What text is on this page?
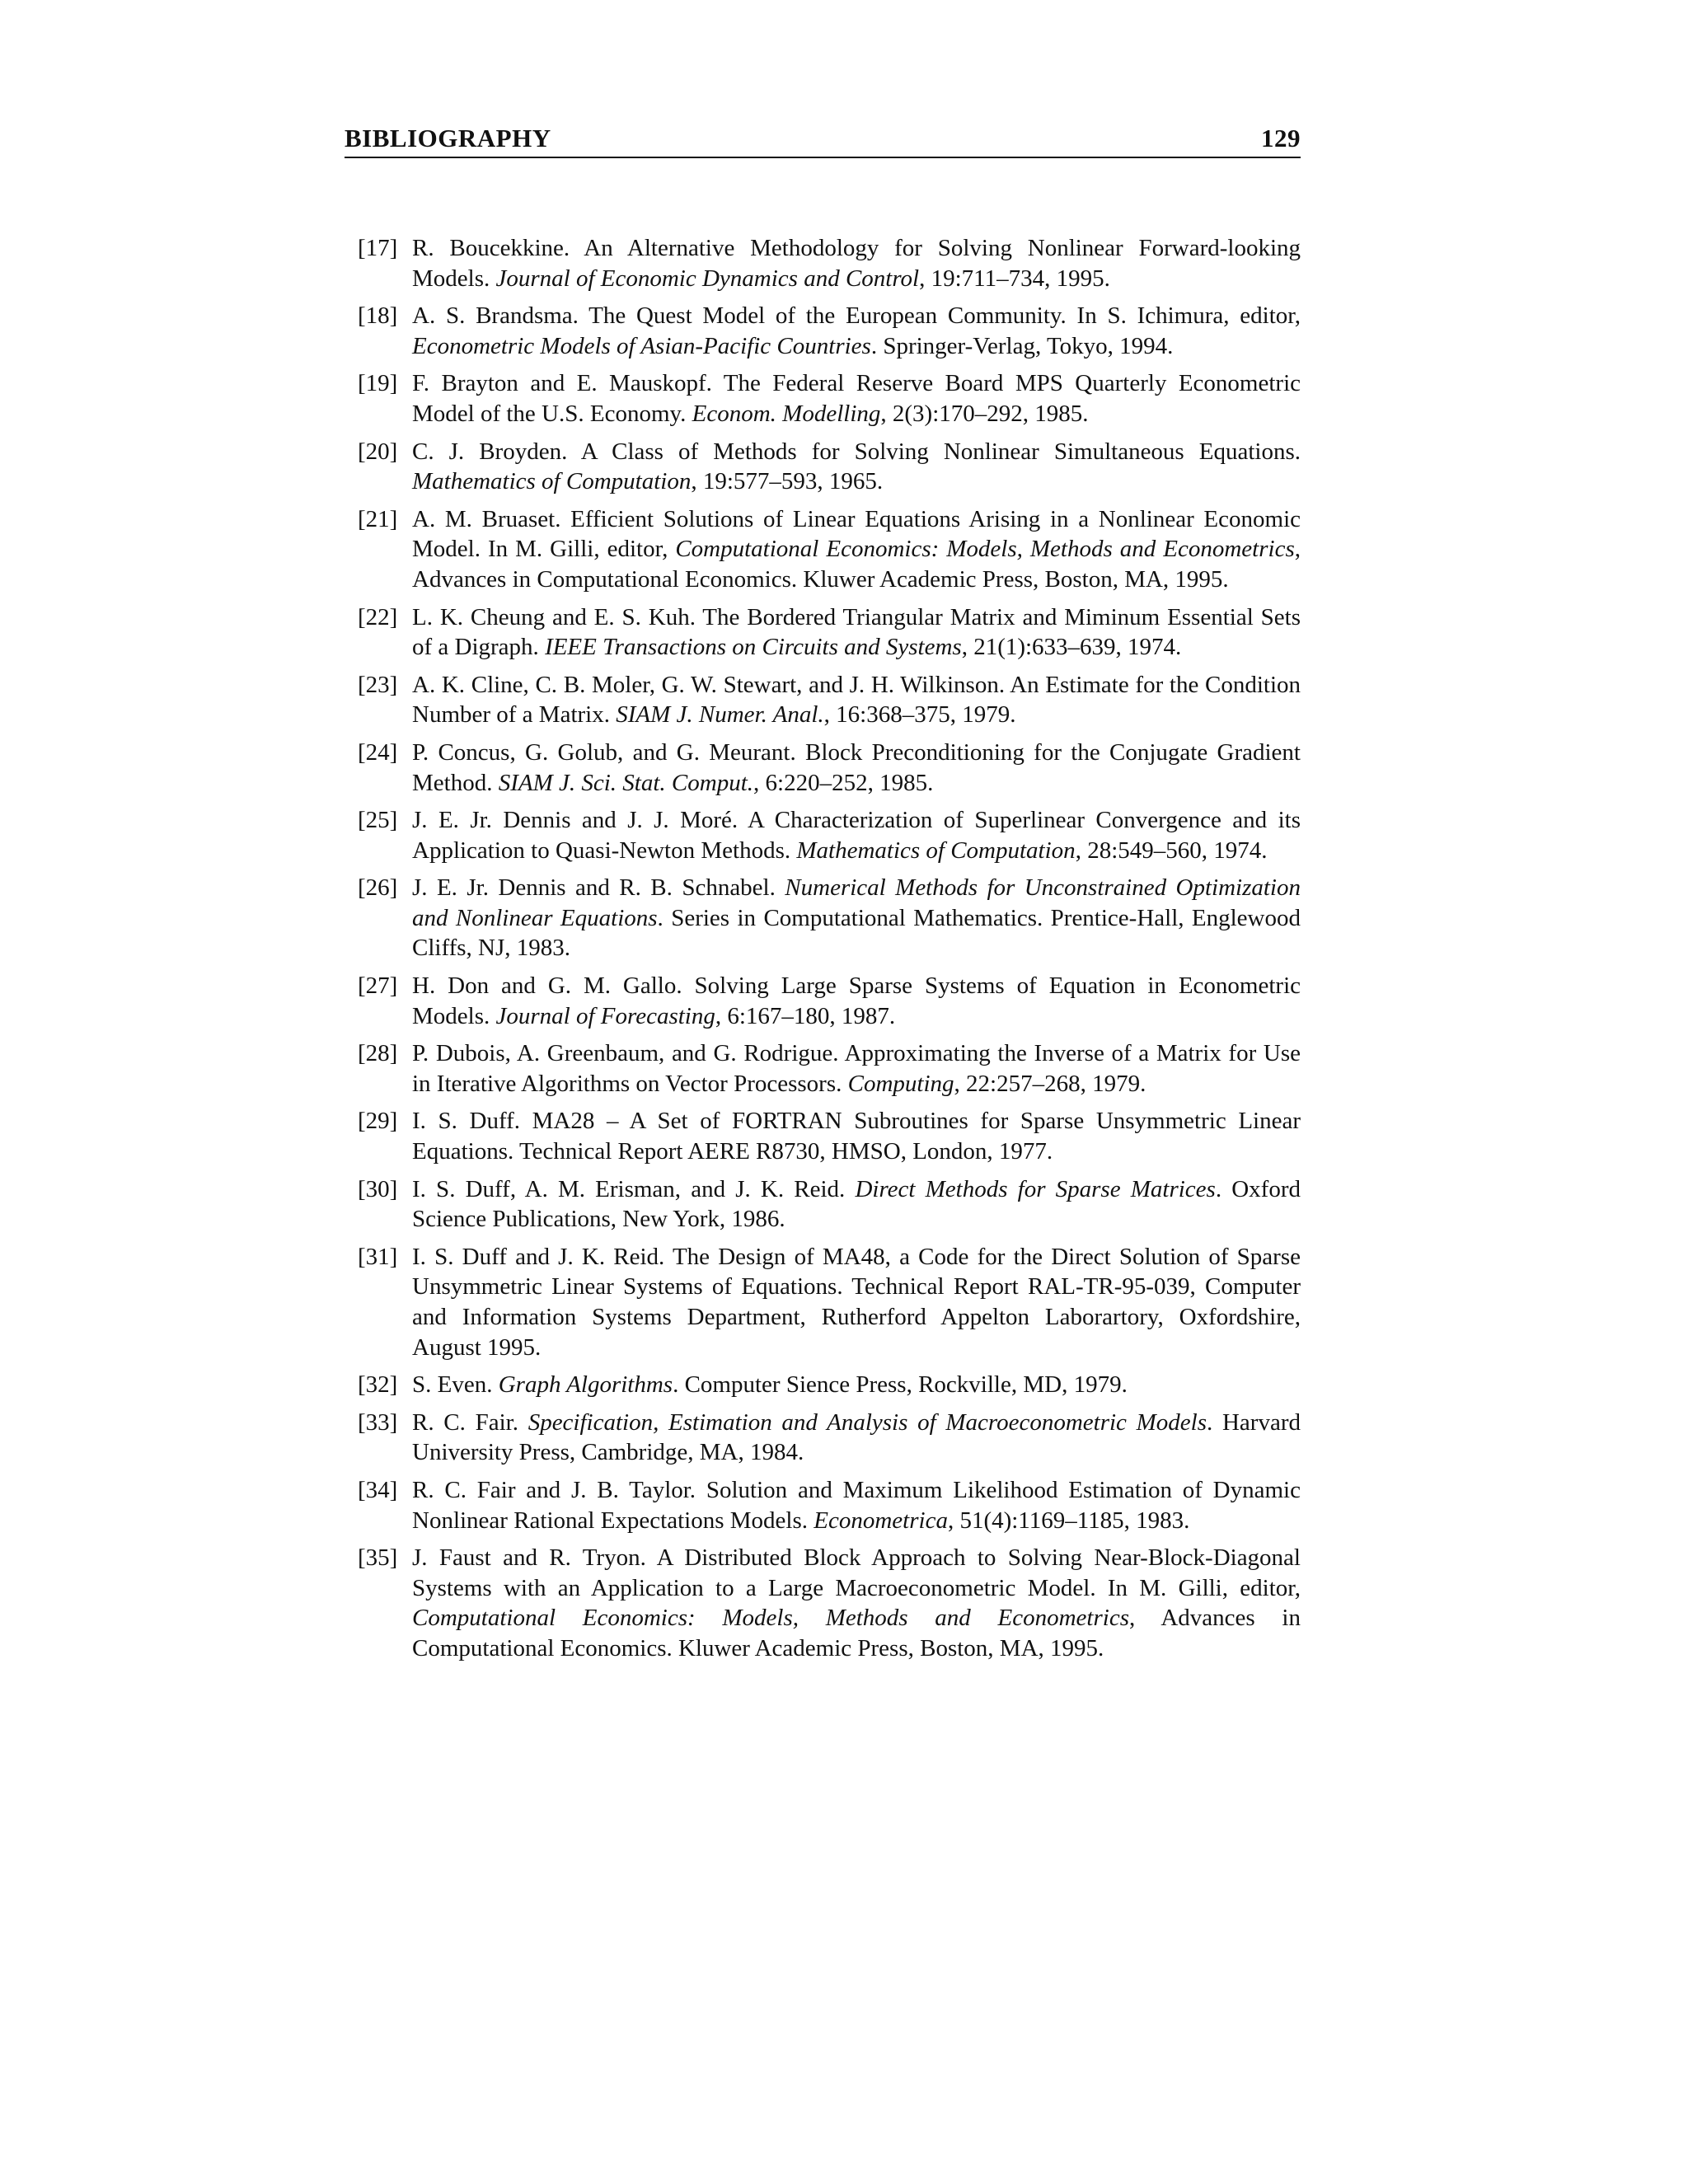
BIBLIOGRAPHY	129
[17] R. Boucekkine. An Alternative Methodology for Solving Nonlinear Forward-looking Models. Journal of Economic Dynamics and Control, 19:711–734, 1995.
[18] A. S. Brandsma. The Quest Model of the European Community. In S. Ichimura, editor, Econometric Models of Asian-Pacific Countries. Springer-Verlag, Tokyo, 1994.
[19] F. Brayton and E. Mauskopf. The Federal Reserve Board MPS Quarterly Econometric Model of the U.S. Economy. Econom. Modelling, 2(3):170–292, 1985.
[20] C. J. Broyden. A Class of Methods for Solving Nonlinear Simultaneous Equations. Mathematics of Computation, 19:577–593, 1965.
[21] A. M. Bruaset. Efficient Solutions of Linear Equations Arising in a Nonlinear Economic Model. In M. Gilli, editor, Computational Economics: Models, Methods and Econometrics, Advances in Computational Economics. Kluwer Academic Press, Boston, MA, 1995.
[22] L. K. Cheung and E. S. Kuh. The Bordered Triangular Matrix and Miminum Essential Sets of a Digraph. IEEE Transactions on Circuits and Systems, 21(1):633–639, 1974.
[23] A. K. Cline, C. B. Moler, G. W. Stewart, and J. H. Wilkinson. An Estimate for the Condition Number of a Matrix. SIAM J. Numer. Anal., 16:368–375, 1979.
[24] P. Concus, G. Golub, and G. Meurant. Block Preconditioning for the Conjugate Gradient Method. SIAM J. Sci. Stat. Comput., 6:220–252, 1985.
[25] J. E. Jr. Dennis and J. J. Moré. A Characterization of Superlinear Convergence and its Application to Quasi-Newton Methods. Mathematics of Computation, 28:549–560, 1974.
[26] J. E. Jr. Dennis and R. B. Schnabel. Numerical Methods for Unconstrained Optimization and Nonlinear Equations. Series in Computational Mathematics. Prentice-Hall, Englewood Cliffs, NJ, 1983.
[27] H. Don and G. M. Gallo. Solving Large Sparse Systems of Equation in Econometric Models. Journal of Forecasting, 6:167–180, 1987.
[28] P. Dubois, A. Greenbaum, and G. Rodrigue. Approximating the Inverse of a Matrix for Use in Iterative Algorithms on Vector Processors. Computing, 22:257–268, 1979.
[29] I. S. Duff. MA28 – A Set of FORTRAN Subroutines for Sparse Unsymmetric Linear Equations. Technical Report AERE R8730, HMSO, London, 1977.
[30] I. S. Duff, A. M. Erisman, and J. K. Reid. Direct Methods for Sparse Matrices. Oxford Science Publications, New York, 1986.
[31] I. S. Duff and J. K. Reid. The Design of MA48, a Code for the Direct Solution of Sparse Unsymmetric Linear Systems of Equations. Technical Report RAL-TR-95-039, Computer and Information Systems Department, Rutherford Appelton Laborartory, Oxfordshire, August 1995.
[32] S. Even. Graph Algorithms. Computer Sience Press, Rockville, MD, 1979.
[33] R. C. Fair. Specification, Estimation and Analysis of Macroeconometric Models. Harvard University Press, Cambridge, MA, 1984.
[34] R. C. Fair and J. B. Taylor. Solution and Maximum Likelihood Estimation of Dynamic Nonlinear Rational Expectations Models. Econometrica, 51(4):1169–1185, 1983.
[35] J. Faust and R. Tryon. A Distributed Block Approach to Solving Near-Block-Diagonal Systems with an Application to a Large Macroeconometric Model. In M. Gilli, editor, Computational Economics: Models, Methods and Econometrics, Advances in Computational Economics. Kluwer Academic Press, Boston, MA, 1995.
